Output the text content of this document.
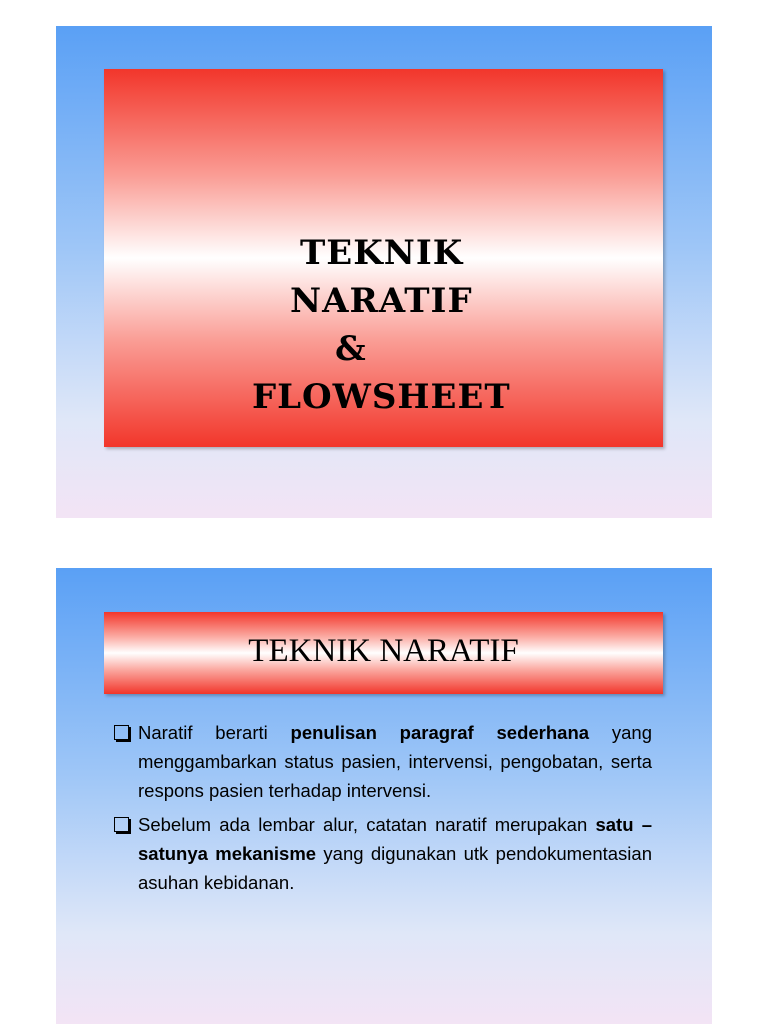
TEKNIK
NARATIF
&
FLOWSHEET
TEKNIK NARATIF
Naratif berarti penulisan paragraf sederhana yang menggambarkan status pasien, intervensi, pengobatan, serta respons pasien terhadap intervensi.
Sebelum ada lembar alur, catatan naratif merupakan satu – satunya mekanisme yang digunakan utk pendokumentasian asuhan kebidanan.
